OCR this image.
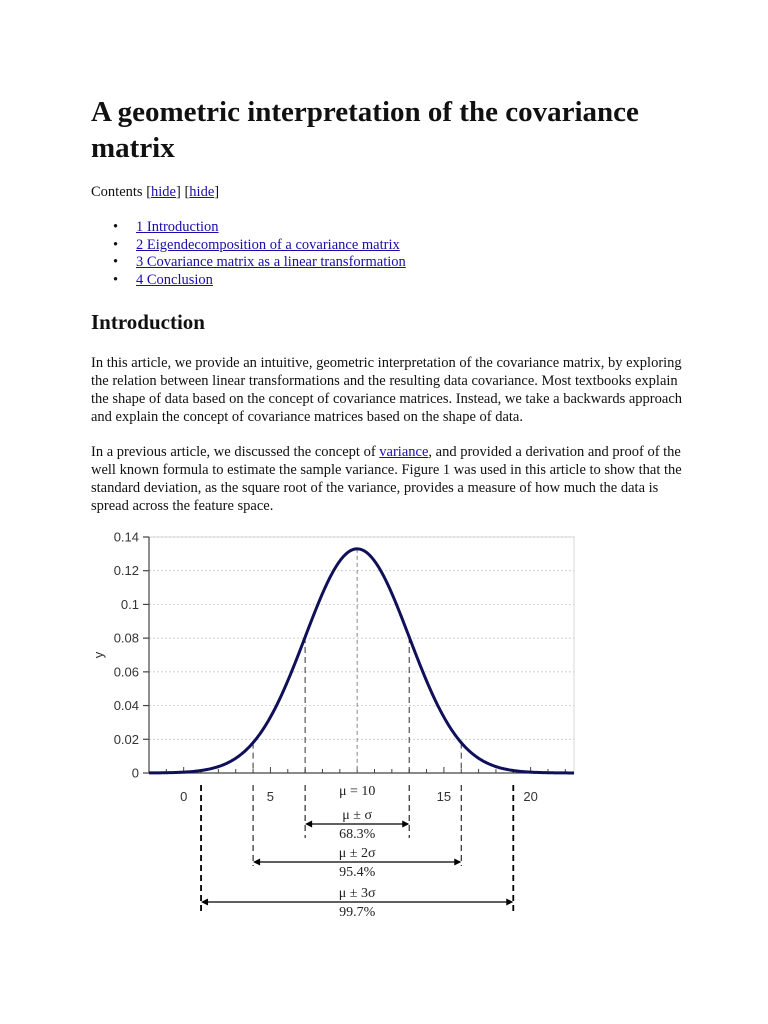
A geometric interpretation of the covariance matrix
Contents [hide] [hide]
• 1 Introduction
• 2 Eigendecomposition of a covariance matrix
• 3 Covariance matrix as a linear transformation
• 4 Conclusion
Introduction

In this article, we provide an intuitive, geometric interpretation of the covariance matrix, by exploring the relation between linear transformations and the resulting data covariance. Most textbooks explain the shape of data based on the concept of covariance matrices. Instead, we take a backwards approach and explain the concept of covariance matrices based on the shape of data.

In a previous article, we discussed the concept of variance, and provided a derivation and proof of the well known formula to estimate the sample variance. Figure 1 was used in this article to show that the standard deviation, as the square root of the variance, provides a measure of how much the data is spread across the feature space.

0
0.02
0.04
0.06
0.08
0.1
0.12
0.14
y
0	5	15	20
μ = 10
μ ± σ
68.3%
μ ± 2σ
95.4%
μ ± 3σ
99.7%
